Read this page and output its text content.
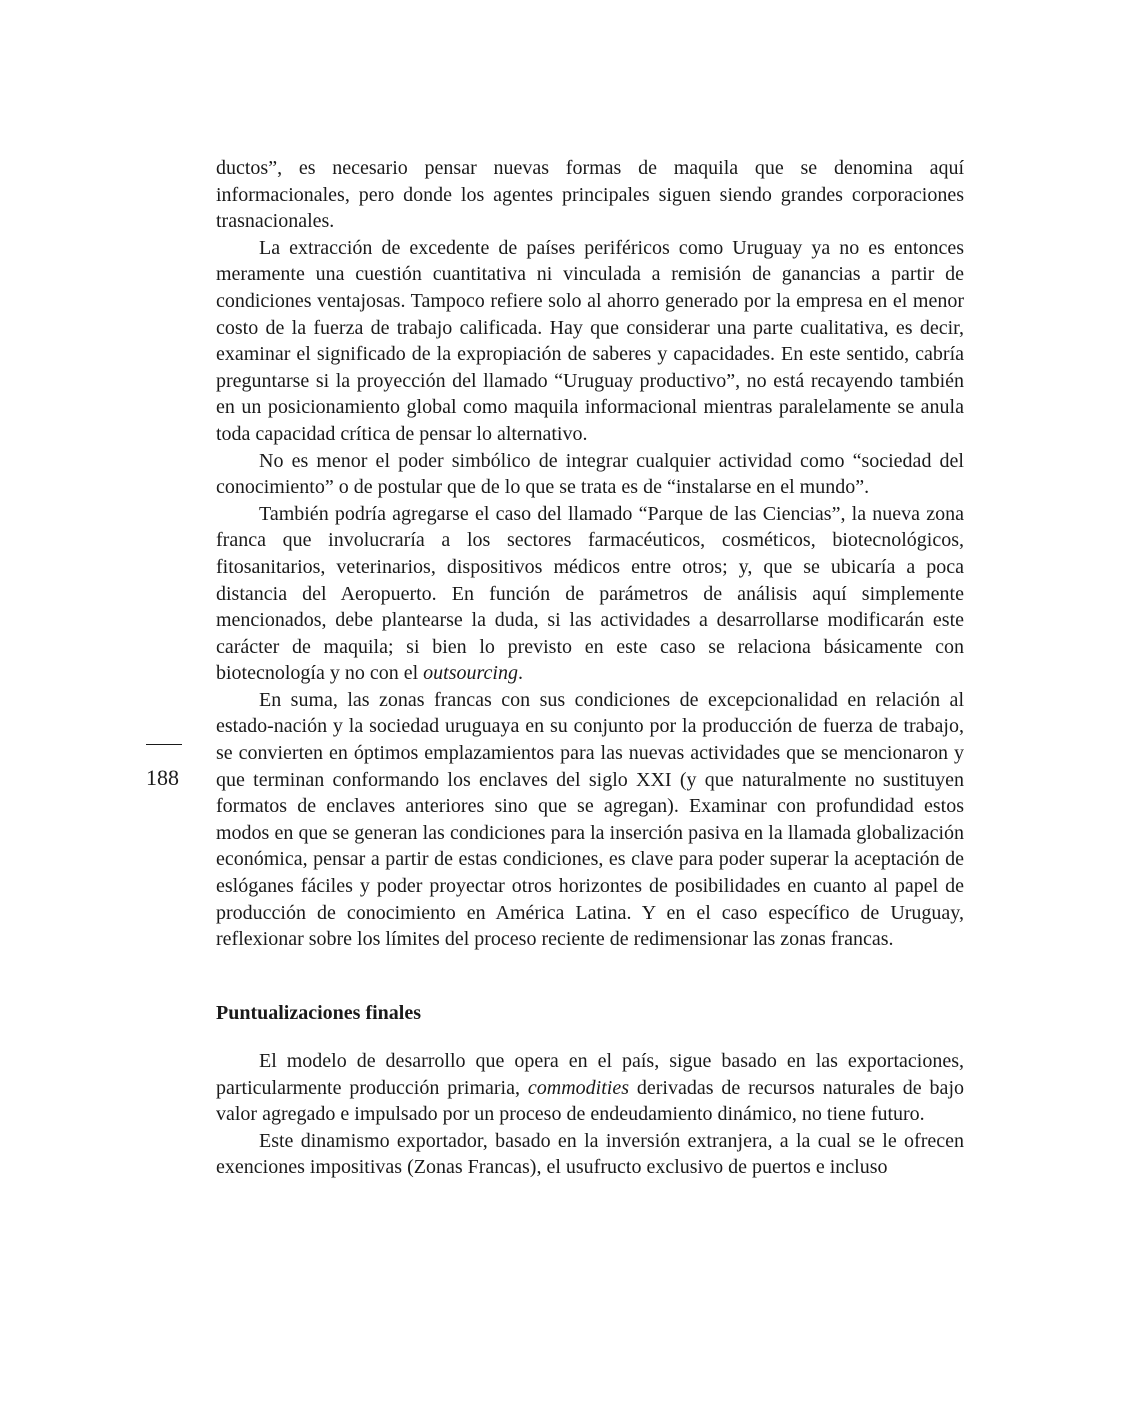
ductos”, es necesario pensar nuevas formas de maquila que se denomina aquí informacionales, pero donde los agentes principales siguen siendo grandes corporaciones trasnacionales.

La extracción de excedente de países periféricos como Uruguay ya no es entonces meramente una cuestión cuantitativa ni vinculada a remisión de ganancias a partir de condiciones ventajosas. Tampoco refiere solo al ahorro generado por la empresa en el menor costo de la fuerza de trabajo calificada. Hay que considerar una parte cualitativa, es decir, examinar el significado de la expropiación de saberes y capacidades. En este sentido, cabría preguntarse si la proyección del llamado “Uruguay productivo”, no está recayendo también en un posicionamiento global como maquila informacional mientras paralelamente se anula toda capacidad crítica de pensar lo alternativo.

No es menor el poder simbólico de integrar cualquier actividad como “sociedad del conocimiento” o de postular que de lo que se trata es de “instalarse en el mundo”.

También podría agregarse el caso del llamado “Parque de las Ciencias”, la nueva zona franca que involucraría a los sectores farmacéuticos, cosméticos, biotecnológicos, fitosanitarios, veterinarios, dispositivos médicos entre otros; y, que se ubicaría a poca distancia del Aeropuerto. En función de parámetros de análisis aquí simplemente mencionados, debe plantearse la duda, si las actividades a desarrollarse modificarán este carácter de maquila; si bien lo previsto en este caso se relaciona básicamente con biotecnología y no con el outsourcing.

En suma, las zonas francas con sus condiciones de excepcionalidad en relación al estado-nación y la sociedad uruguaya en su conjunto por la producción de fuerza de trabajo, se convierten en óptimos emplazamientos para las nuevas actividades que se mencionaron y que terminan conformando los enclaves del siglo XXI (y que naturalmente no sustituyen formatos de enclaves anteriores sino que se agregan). Examinar con profundidad estos modos en que se generan las condiciones para la inserción pasiva en la llamada globalización económica, pensar a partir de estas condiciones, es clave para poder superar la aceptación de eslóganes fáciles y poder proyectar otros horizontes de posibilidades en cuanto al papel de producción de conocimiento en América Latina. Y en el caso específico de Uruguay, reflexionar sobre los límites del proceso reciente de redimensionar las zonas francas.

188
Puntualizaciones finales

El modelo de desarrollo que opera en el país, sigue basado en las exportaciones, particularmente producción primaria, commodities derivadas de recursos naturales de bajo valor agregado e impulsado por un proceso de endeudamiento dinámico, no tiene futuro.

Este dinamismo exportador, basado en la inversión extranjera, a la cual se le ofrecen exenciones impositivas (Zonas Francas), el usufructo exclusivo de puertos e incluso
